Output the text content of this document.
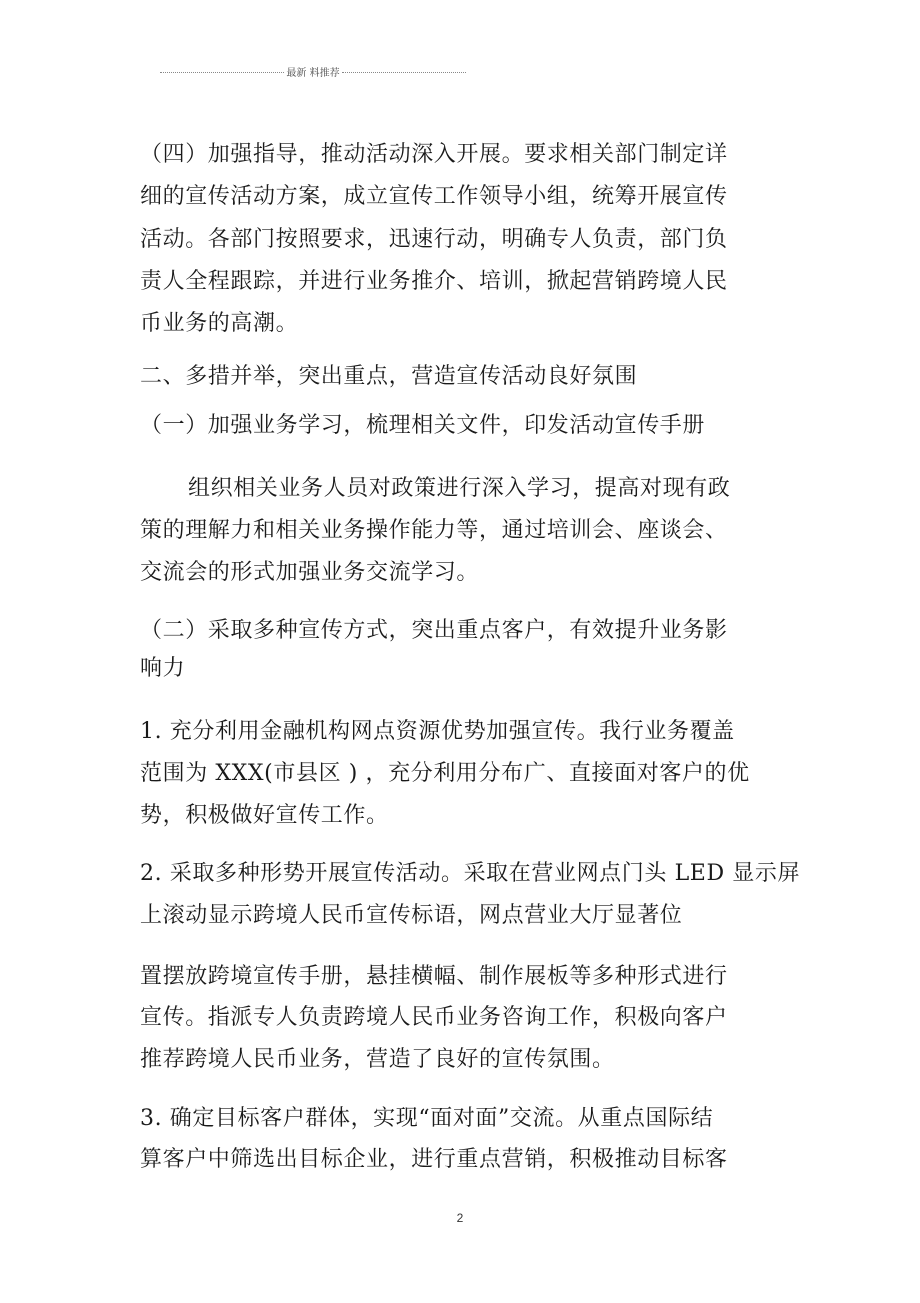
最新 料推荐
（四）加强指导，推动活动深入开展。要求相关部门制定详
细的宣传活动方案，成立宣传工作领导小组，统筹开展宣传
活动。各部门按照要求，迅速行动，明确专人负责，部门负
责人全程跟踪，并进行业务推介、培训，掀起营销跨境人民
币业务的高潮。
二、多措并举，突出重点，营造宣传活动良好氛围
（一）加强业务学习，梳理相关文件，印发活动宣传手册
组织相关业务人员对政策进行深入学习，提高对现有政
策的理解力和相关业务操作能力等，通过培训会、座谈会、
交流会的形式加强业务交流学习。
（二）采取多种宣传方式，突出重点客户，有效提升业务影
响力
1. 充分利用金融机构网点资源优势加强宣传。我行业务覆盖
范围为 XXX(市县区 ) ，充分利用分布广、直接面对客户的优
势，积极做好宣传工作。
2. 采取多种形势开展宣传活动。采取在营业网点门头 LED 显示屏
上滚动显示跨境人民币宣传标语，网点营业大厅显著位
置摆放跨境宣传手册，悬挂横幅、制作展板等多种形式进行
宣传。指派专人负责跨境人民币业务咨询工作，积极向客户
推荐跨境人民币业务，营造了良好的宣传氛围。
3. 确定目标客户群体，实现“面对面”交流。从重点国际结
算客户中筛选出目标企业，进行重点营销，积极推动目标客
2
